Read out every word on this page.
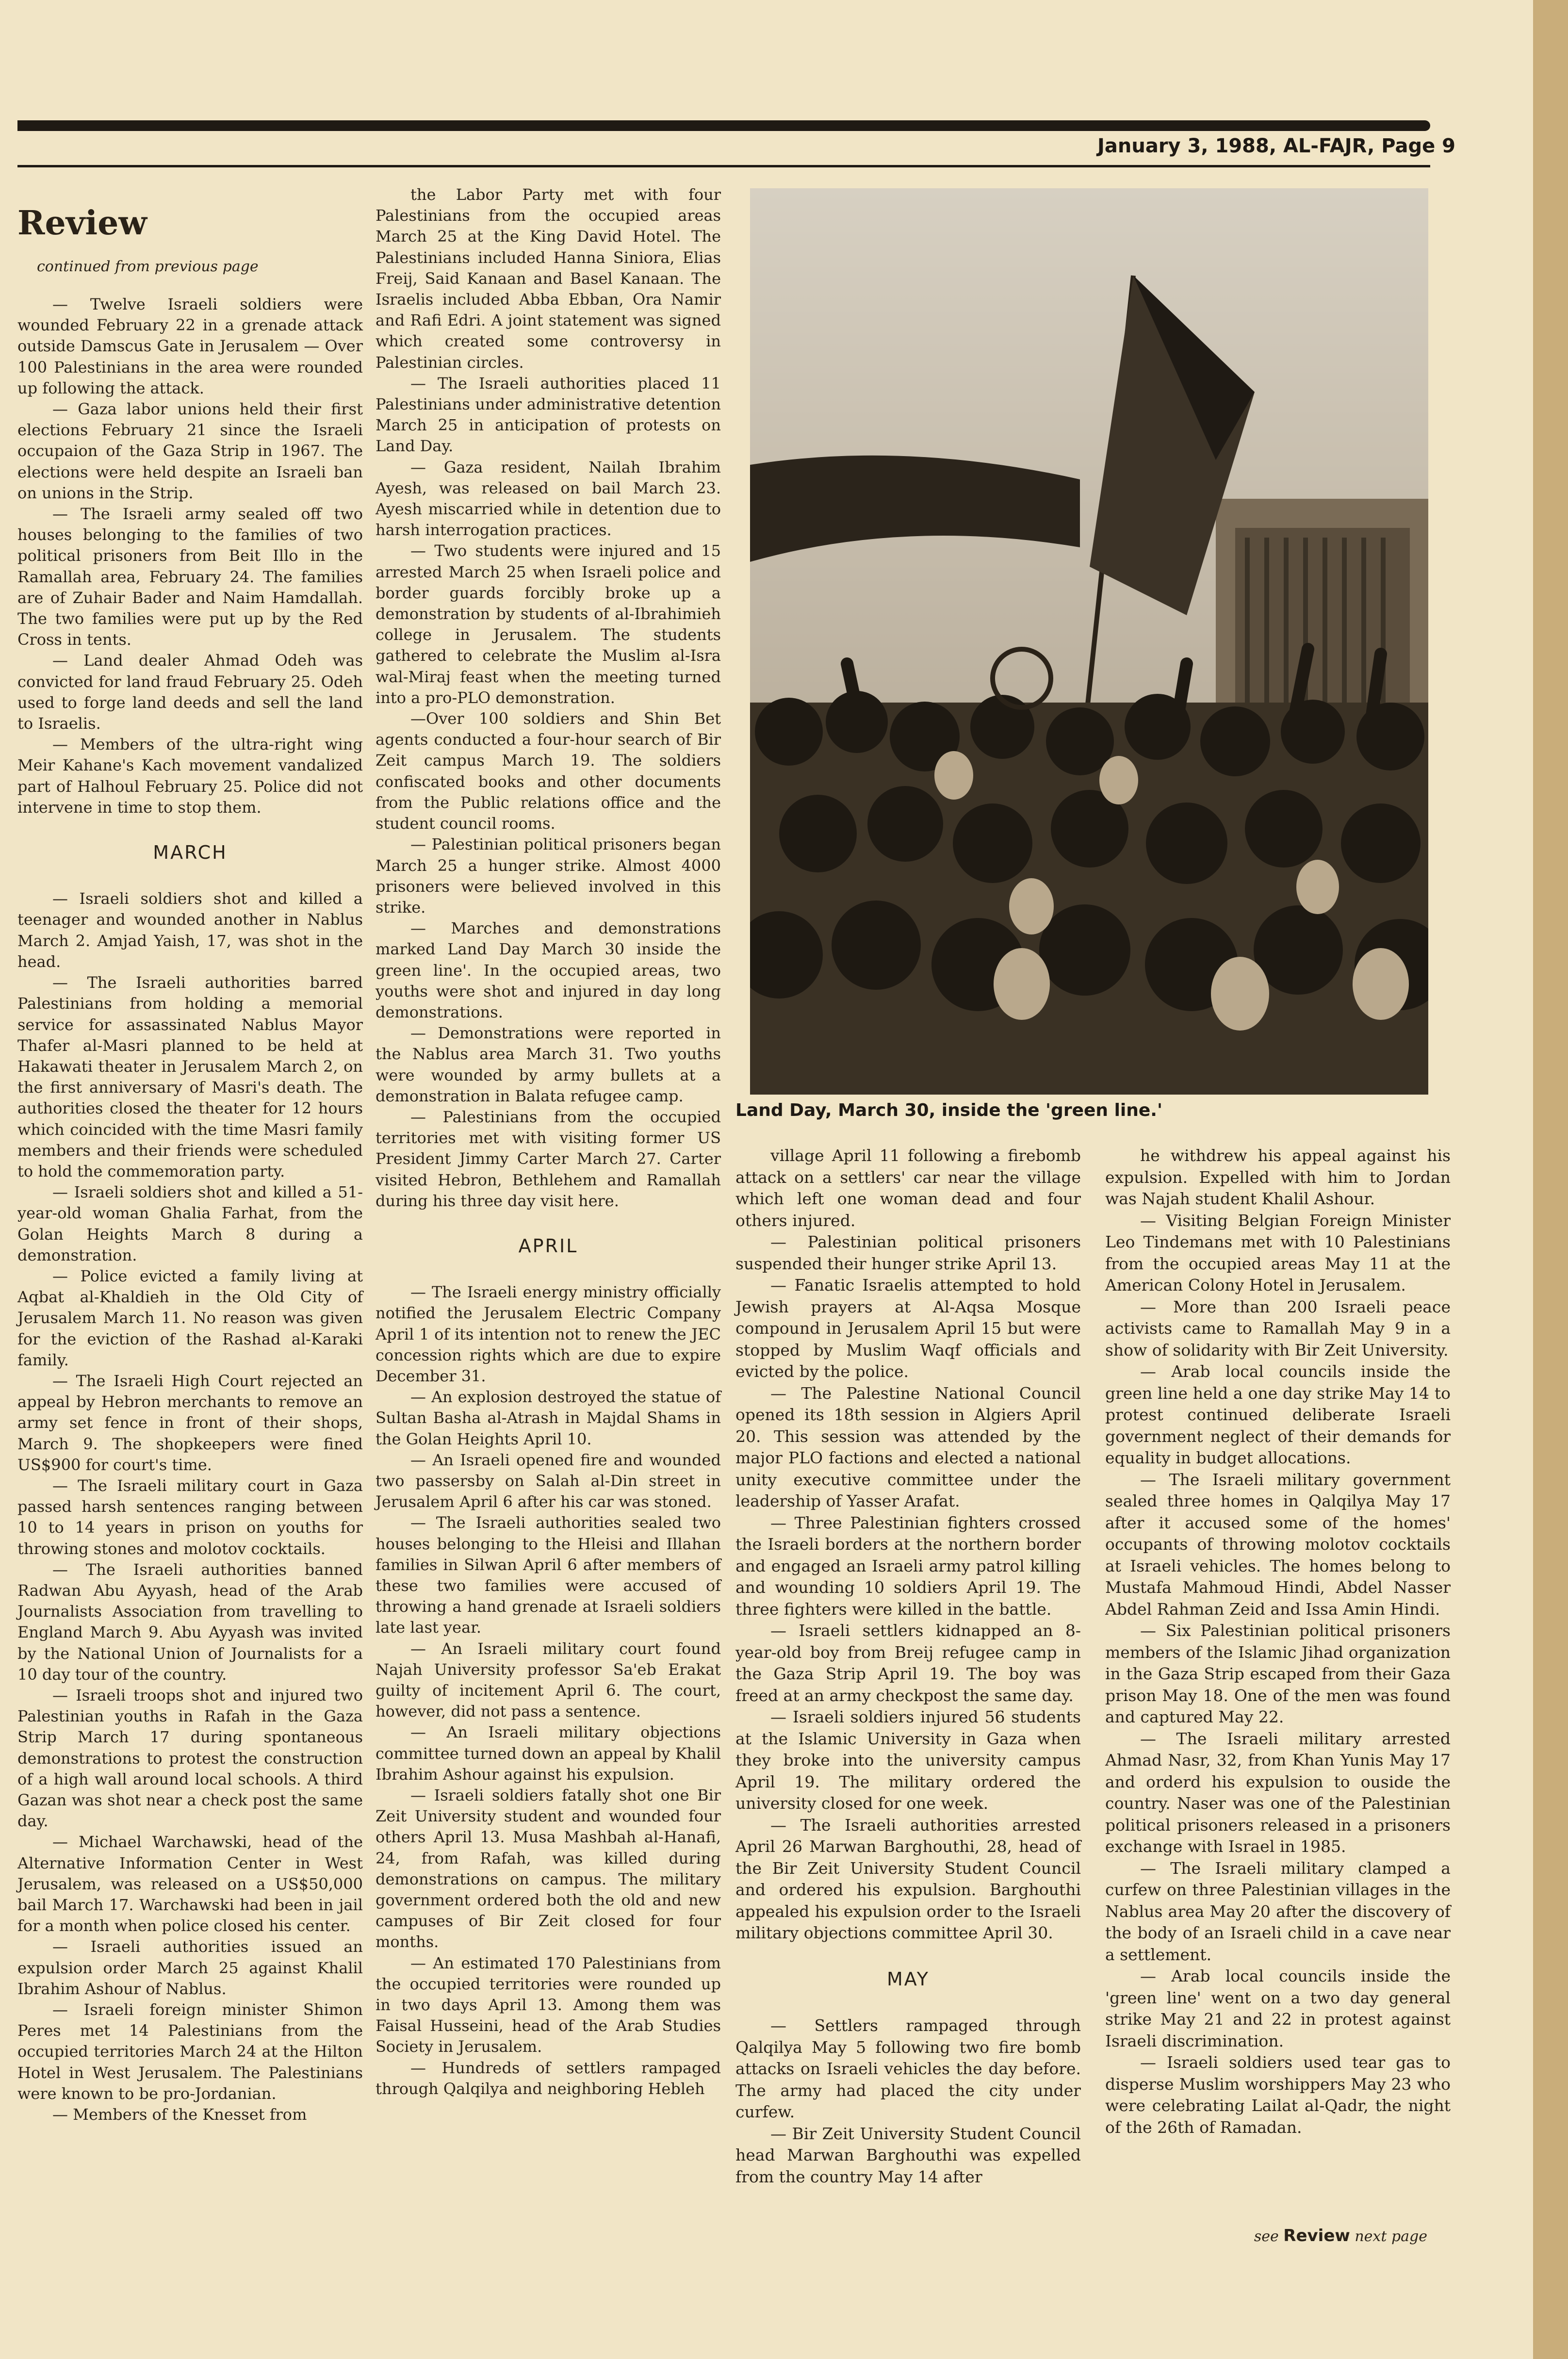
January 3, 1988, AL-FAJR, Page 9
Review
continued from previous page

— Twelve Israeli soldiers were wounded February 22 in a grenade attack outside Damscus Gate in Jerusalem — Over 100 Palestinians in the area were rounded up following the attack.

— Gaza labor unions held their first elections February 21 since the Israeli occupaion of the Gaza Strip in 1967. The elections were held despite an Israeli ban on unions in the Strip.

— The Israeli army sealed off two houses belonging to the families of two political prisoners from Beit Illo in the Ramallah area, February 24. The families are of Zuhair Bader and Naim Hamdallah. The two families were put up by the Red Cross in tents.

— Land dealer Ahmad Odeh was convicted for land fraud February 25. Odeh used to forge land deeds and sell the land to Israelis.

— Members of the ultra-right wing Meir Kahane's Kach movement vandalized part of Halhoul February 25. Police did not intervene in time to stop them.

MARCH

— Israeli soldiers shot and killed a teenager and wounded another in Nablus March 2. Amjad Yaish, 17, was shot in the head.

— The Israeli authorities barred Palestinians from holding a memorial service for assassinated Nablus Mayor Thafer al-Masri planned to be held at Hakawati theater in Jerusalem March 2, on the first anniversary of Masri's death. The authorities closed the theater for 12 hours which coincided with the time Masri family members and their friends were scheduled to hold the commemoration party.

— Israeli soldiers shot and killed a 51-year-old woman Ghalia Farhat, from the Golan Heights March 8 during a demonstration.

— Police evicted a family living at Aqbat al-Khaldieh in the Old City of Jerusalem March 11. No reason was given for the eviction of the Rashad al-Karaki family.

— The Israeli High Court rejected an appeal by Hebron merchants to remove an army set fence in front of their shops, March 9. The shopkeepers were fined US$900 for court's time.

— The Israeli military court in Gaza passed harsh sentences ranging between 10 to 14 years in prison on youths for throwing stones and molotov cocktails.

— The Israeli authorities banned Radwan Abu Ayyash, head of the Arab Journalists Association from travelling to England March 9. Abu Ayyash was invited by the National Union of Journalists for a 10 day tour of the country.

— Israeli troops shot and injured two Palestinian youths in Rafah in the Gaza Strip March 17 during spontaneous demonstrations to protest the construction of a high wall around local schools. A third Gazan was shot near a check post the same day.

— Michael Warchawski, head of the Alternative Information Center in West Jerusalem, was released on a US$50,000 bail March 17. Warchawski had been in jail for a month when police closed his center.

— Israeli authorities issued an expulsion order March 25 against Khalil Ibrahim Ashour of Nablus.

— Israeli foreign minister Shimon Peres met 14 Palestinians from the occupied territories March 24 at the Hilton Hotel in West Jerusalem. The Palestinians were known to be pro-Jordanian.

— Members of the Knesset from

the Labor Party met with four Palestinians from the occupied areas March 25 at the King David Hotel. The Palestinians included Hanna Siniora, Elias Freij, Said Kanaan and Basel Kanaan. The Israelis included Abba Ebban, Ora Namir and Rafi Edri. A joint statement was signed which created some controversy in Palestinian circles.

— The Israeli authorities placed 11 Palestinians under administrative detention March 25 in anticipation of protests on Land Day.

— Gaza resident, Nailah Ibrahim Ayesh, was released on bail March 23. Ayesh miscarried while in detention due to harsh interrogation practices.

— Two students were injured and 15 arrested March 25 when Israeli police and border guards forcibly broke up a demonstration by students of al-Ibrahimieh college in Jerusalem. The students gathered to celebrate the Muslim al-Isra wal-Miraj feast when the meeting turned into a pro-PLO demonstration.

—Over 100 soldiers and Shin Bet agents conducted a four-hour search of Bir Zeit campus March 19. The soldiers confiscated books and other documents from the Public relations office and the student council rooms.

— Palestinian political prisoners began March 25 a hunger strike. Almost 4000 prisoners were believed involved in this strike.

— Marches and demonstrations marked Land Day March 30 inside the green line'. In the occupied areas, two youths were shot and injured in day long demonstrations.

— Demonstrations were reported in the Nablus area March 31. Two youths were wounded by army bullets at a demonstration in Balata refugee camp.

— Palestinians from the occupied territories met with visiting former US President Jimmy Carter March 27. Carter visited Hebron, Bethlehem and Ramallah during his three day visit here.

APRIL

— The Israeli energy ministry officially notified the Jerusalem Electric Company April 1 of its intention not to renew the JEC concession rights which are due to expire December 31.

— An explosion destroyed the statue of Sultan Basha al-Atrash in Majdal Shams in the Golan Heights April 10.

— An Israeli opened fire and wounded two passersby on Salah al-Din street in Jerusalem April 6 after his car was stoned.

— The Israeli authorities sealed two houses belonging to the Hleisi and Illahan families in Silwan April 6 after members of these two families were accused of throwing a hand grenade at Israeli soldiers late last year.

— An Israeli military court found Najah University professor Sa'eb Erakat guilty of incitement April 6. The court, however, did not pass a sentence.

— An Israeli military objections committee turned down an appeal by Khalil Ibrahim Ashour against his expulsion.

— Israeli soldiers fatally shot one Bir Zeit University student and wounded four others April 13. Musa Mashbah al-Hanafi, 24, from Rafah, was killed during demonstrations on campus. The military government ordered both the old and new campuses of Bir Zeit closed for four months.

— An estimated 170 Palestinians from the occupied territories were rounded up in two days April 13. Among them was Faisal Husseini, head of the Arab Studies Society in Jerusalem.

— Hundreds of settlers rampaged through Qalqilya and neighboring Hebleh

Land Day, March 30, inside the 'green line.'

village April 11 following a firebomb attack on a settlers' car near the village which left one woman dead and four others injured.

— Palestinian political prisoners suspended their hunger strike April 13.

— Fanatic Israelis attempted to hold Jewish prayers at Al-Aqsa Mosque compound in Jerusalem April 15 but were stopped by Muslim Waqf officials and evicted by the police.

— The Palestine National Council opened its 18th session in Algiers April 20. This session was attended by the major PLO factions and elected a national unity executive committee under the leadership of Yasser Arafat.

— Three Palestinian fighters crossed the Israeli borders at the northern border and engaged an Israeli army patrol killing and wounding 10 soldiers April 19. The three fighters were killed in the battle.

— Israeli settlers kidnapped an 8-year-old boy from Breij refugee camp in the Gaza Strip April 19. The boy was freed at an army checkpost the same day.

— Israeli soldiers injured 56 students at the Islamic University in Gaza when they broke into the university campus April 19. The military ordered the university closed for one week.

— The Israeli authorities arrested April 26 Marwan Barghouthi, 28, head of the Bir Zeit University Student Council and ordered his expulsion. Barghouthi appealed his expulsion order to the Israeli military objections committee April 30.

MAY

— Settlers rampaged through Qalqilya May 5 following two fire bomb attacks on Israeli vehicles the day before. The army had placed the city under curfew.

— Bir Zeit University Student Council head Marwan Barghouthi was expelled from the country May 14 after

he withdrew his appeal against his expulsion. Expelled with him to Jordan was Najah student Khalil Ashour.

— Visiting Belgian Foreign Minister Leo Tindemans met with 10 Palestinians from the occupied areas May 11 at the American Colony Hotel in Jerusalem.

— More than 200 Israeli peace activists came to Ramallah May 9 in a show of solidarity with Bir Zeit University.

— Arab local councils inside the green line held a one day strike May 14 to protest continued deliberate Israeli government neglect of their demands for equality in budget allocations.

— The Israeli military government sealed three homes in Qalqilya May 17 after it accused some of the homes' occupants of throwing molotov cocktails at Israeli vehicles. The homes belong to Mustafa Mahmoud Hindi, Abdel Nasser Abdel Rahman Zeid and Issa Amin Hindi.

— Six Palestinian political prisoners members of the Islamic Jihad organization in the Gaza Strip escaped from their Gaza prison May 18. One of the men was found and captured May 22.

— The Israeli military arrested Ahmad Nasr, 32, from Khan Yunis May 17 and orderd his expulsion to ouside the country. Naser was one of the Palestinian political prisoners released in a prisoners exchange with Israel in 1985.

— The Israeli military clamped a curfew on three Palestinian villages in the Nablus area May 20 after the discovery of the body of an Israeli child in a cave near a settlement.

— Arab local councils inside the 'green line' went on a two day general strike May 21 and 22 in protest against Israeli discrimination.

— Israeli soldiers used tear gas to disperse Muslim worshippers May 23 who were celebrating Lailat al-Qadr, the night of the 26th of Ramadan.

see Review next page
